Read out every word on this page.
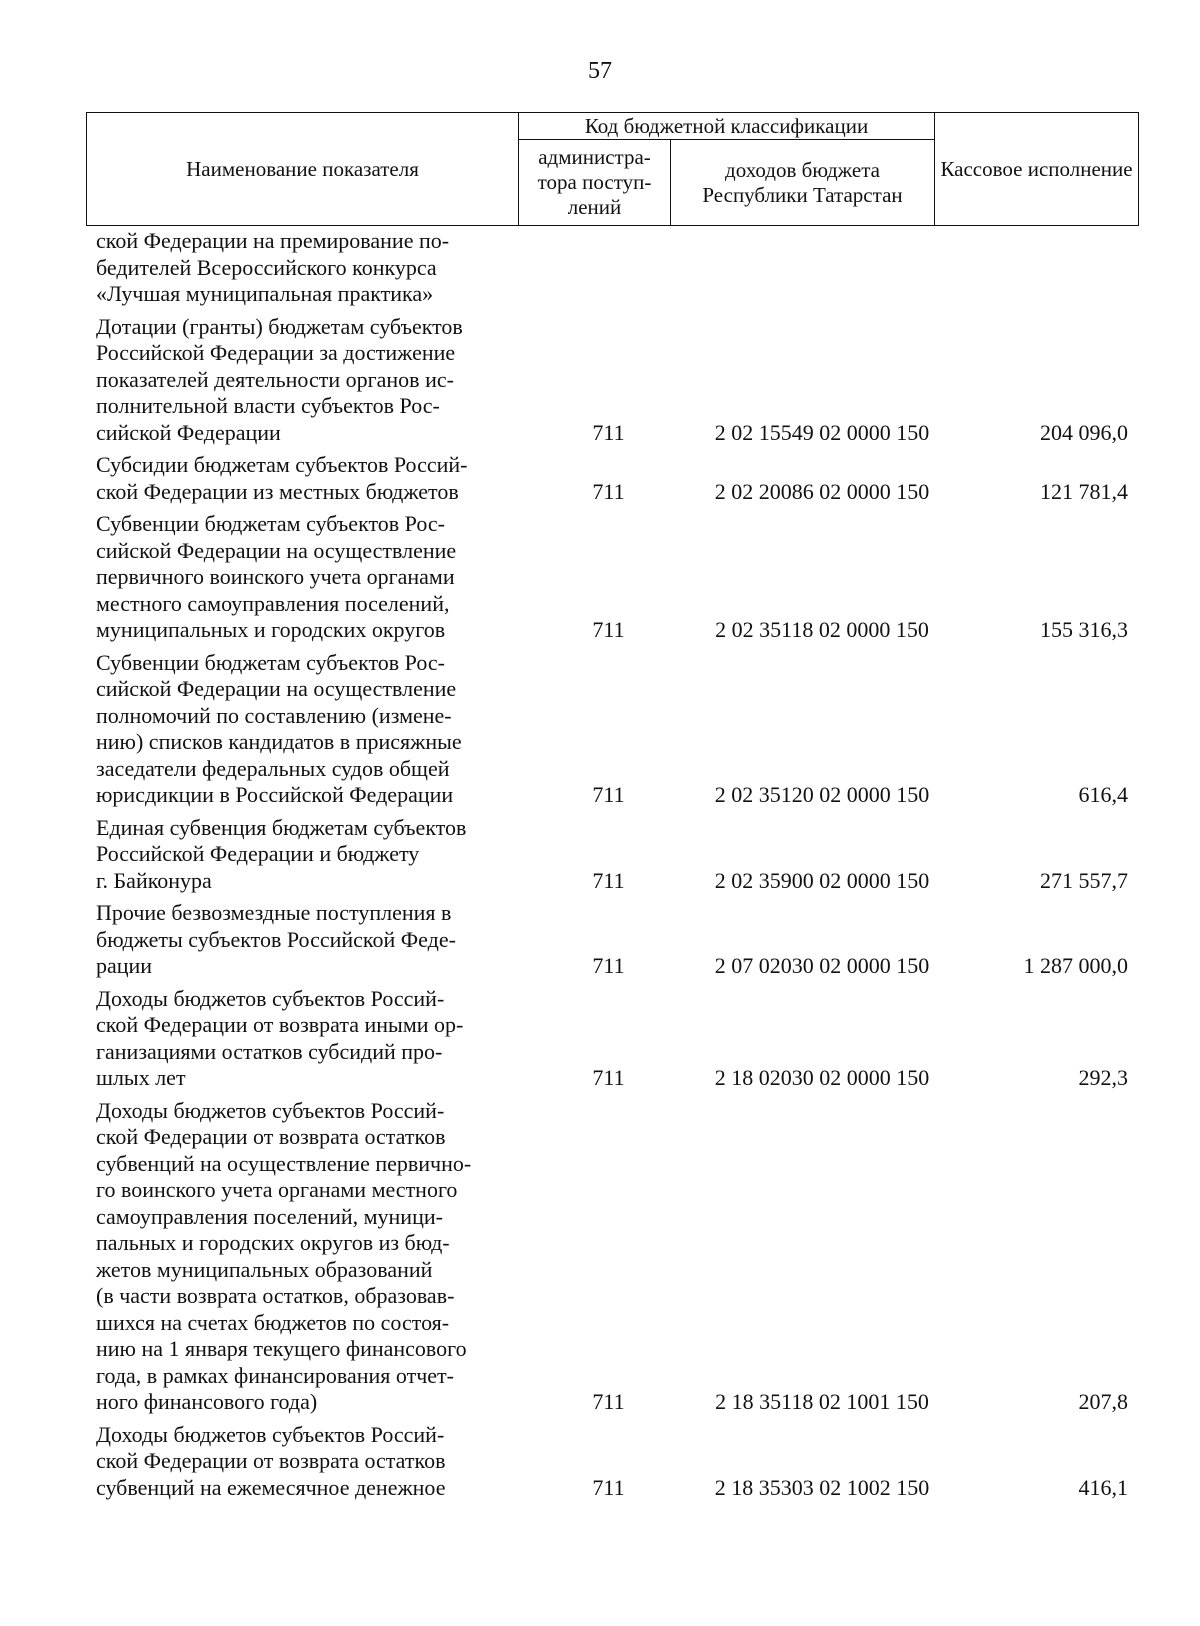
57
Наименование показателя	Код бюджетной классификации		Кассовое исполнение
	администра-тора поступ-лений	доходов бюджета Республики Татарстан	
ской Федерации на премирование по-
бедителей Всероссийского конкурса
«Лучшая муниципальная практика»
Дотации (гранты) бюджетам субъектов
Российской Федерации за достижение
показателей деятельности органов ис-
полнительной власти субъектов Рос-
сийской Федерации	711	2 02 15549 02 0000 150	204 096,0
Субсидии бюджетам субъектов Россий-
ской Федерации из местных бюджетов	711	2 02 20086 02 0000 150	121 781,4
Субвенции бюджетам субъектов Рос-
сийской Федерации на осуществление
первичного воинского учета органами
местного самоуправления поселений,
муниципальных и городских округов	711	2 02 35118 02 0000 150	155 316,3
Субвенции бюджетам субъектов Рос-
сийской Федерации на осуществление
полномочий по составлению (измене-
нию) списков кандидатов в присяжные
заседатели федеральных судов общей
юрисдикции в Российской Федерации	711	2 02 35120 02 0000 150	616,4
Единая субвенция бюджетам субъектов
Российской Федерации и бюджету
г. Байконура	711	2 02 35900 02 0000 150	271 557,7
Прочие безвозмездные поступления в
бюджеты субъектов Российской Феде-
рации	711	2 07 02030 02 0000 150	1 287 000,0
Доходы бюджетов субъектов Россий-
ской Федерации от возврата иными ор-
ганизациями остатков субсидий про-
шлых лет	711	2 18 02030 02 0000 150	292,3
Доходы бюджетов субъектов Россий-
ской Федерации от возврата остатков
субвенций на осуществление первично-
го воинского учета органами местного
самоуправления поселений, муници-
пальных и городских округов из бюд-
жетов муниципальных образований
(в части возврата остатков, образовав-
шихся на счетах бюджетов по состоя-
нию на 1 января текущего финансового
года, в рамках финансирования отчет-
ного финансового года)	711	2 18 35118 02 1001 150	207,8
Доходы бюджетов субъектов Россий-
ской Федерации от возврата остатков
субвенций на ежемесячное денежное	711	2 18 35303 02 1002 150	416,1
